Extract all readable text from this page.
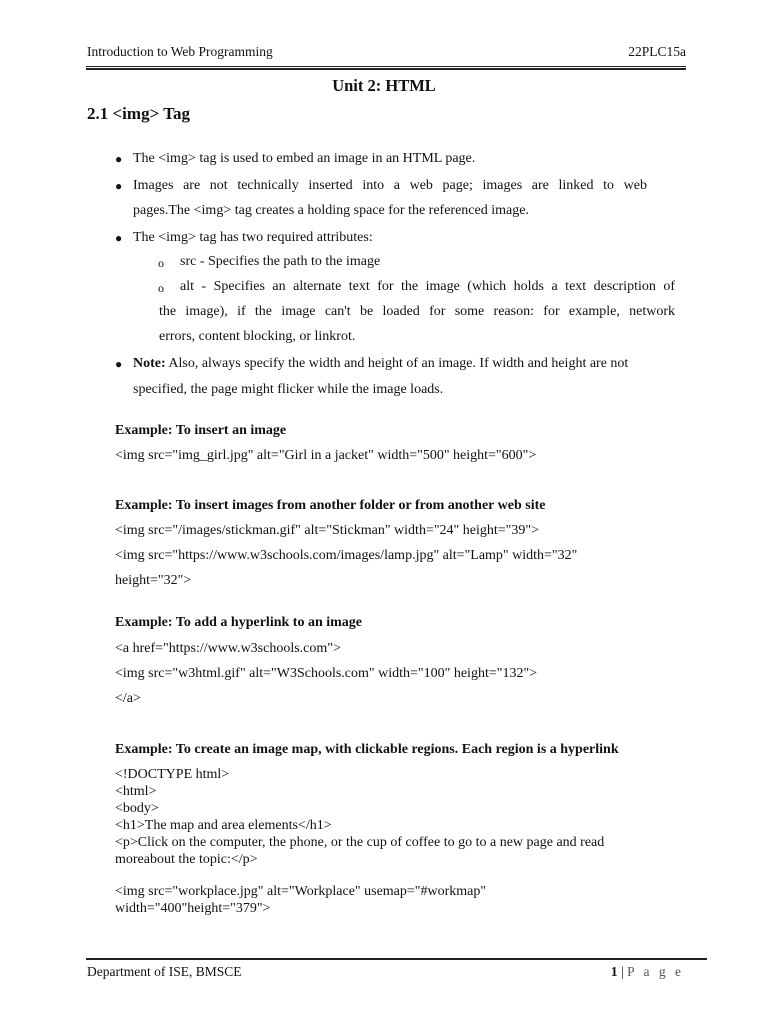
Introduction to Web Programming	22PLC15a
Unit 2: HTML
2.1 <img> Tag
● The <img> tag is used to embed an image in an HTML page.
● Images are not technically inserted into a web page; images are linked to web
pages.The <img> tag creates a holding space for the referenced image.
● The <img> tag has two required attributes:
o src - Specifies the path to the image
o alt - Specifies an alternate text for the image (which holds a text description of
the image), if the image can't be loaded for some reason: for example, network
errors, content blocking, or linkrot.
● Note: Also, always specify the width and height of an image. If width and height are not
specified, the page might flicker while the image loads.
Example: To insert an image
<img src="img_girl.jpg" alt="Girl in a jacket" width="500" height="600">
Example: To insert images from another folder or from another web site
<img src="/images/stickman.gif" alt="Stickman" width="24" height="39">
<img src="https://www.w3schools.com/images/lamp.jpg" alt="Lamp" width="32"
height="32">
Example: To add a hyperlink to an image
<a href="https://www.w3schools.com">
<img src="w3html.gif" alt="W3Schools.com" width="100" height="132">
</a>
Example: To create an image map, with clickable regions. Each region is a hyperlink
<!DOCTYPE html>
<html>
<body>
<h1>The map and area elements</h1>
<p>Click on the computer, the phone, or the cup of coffee to go to a new page and read
moreabout the topic:</p>
<img src="workplace.jpg" alt="Workplace" usemap="#workmap"
width="400"height="379">
Department of ISE, BMSCE	1 | P a g e
